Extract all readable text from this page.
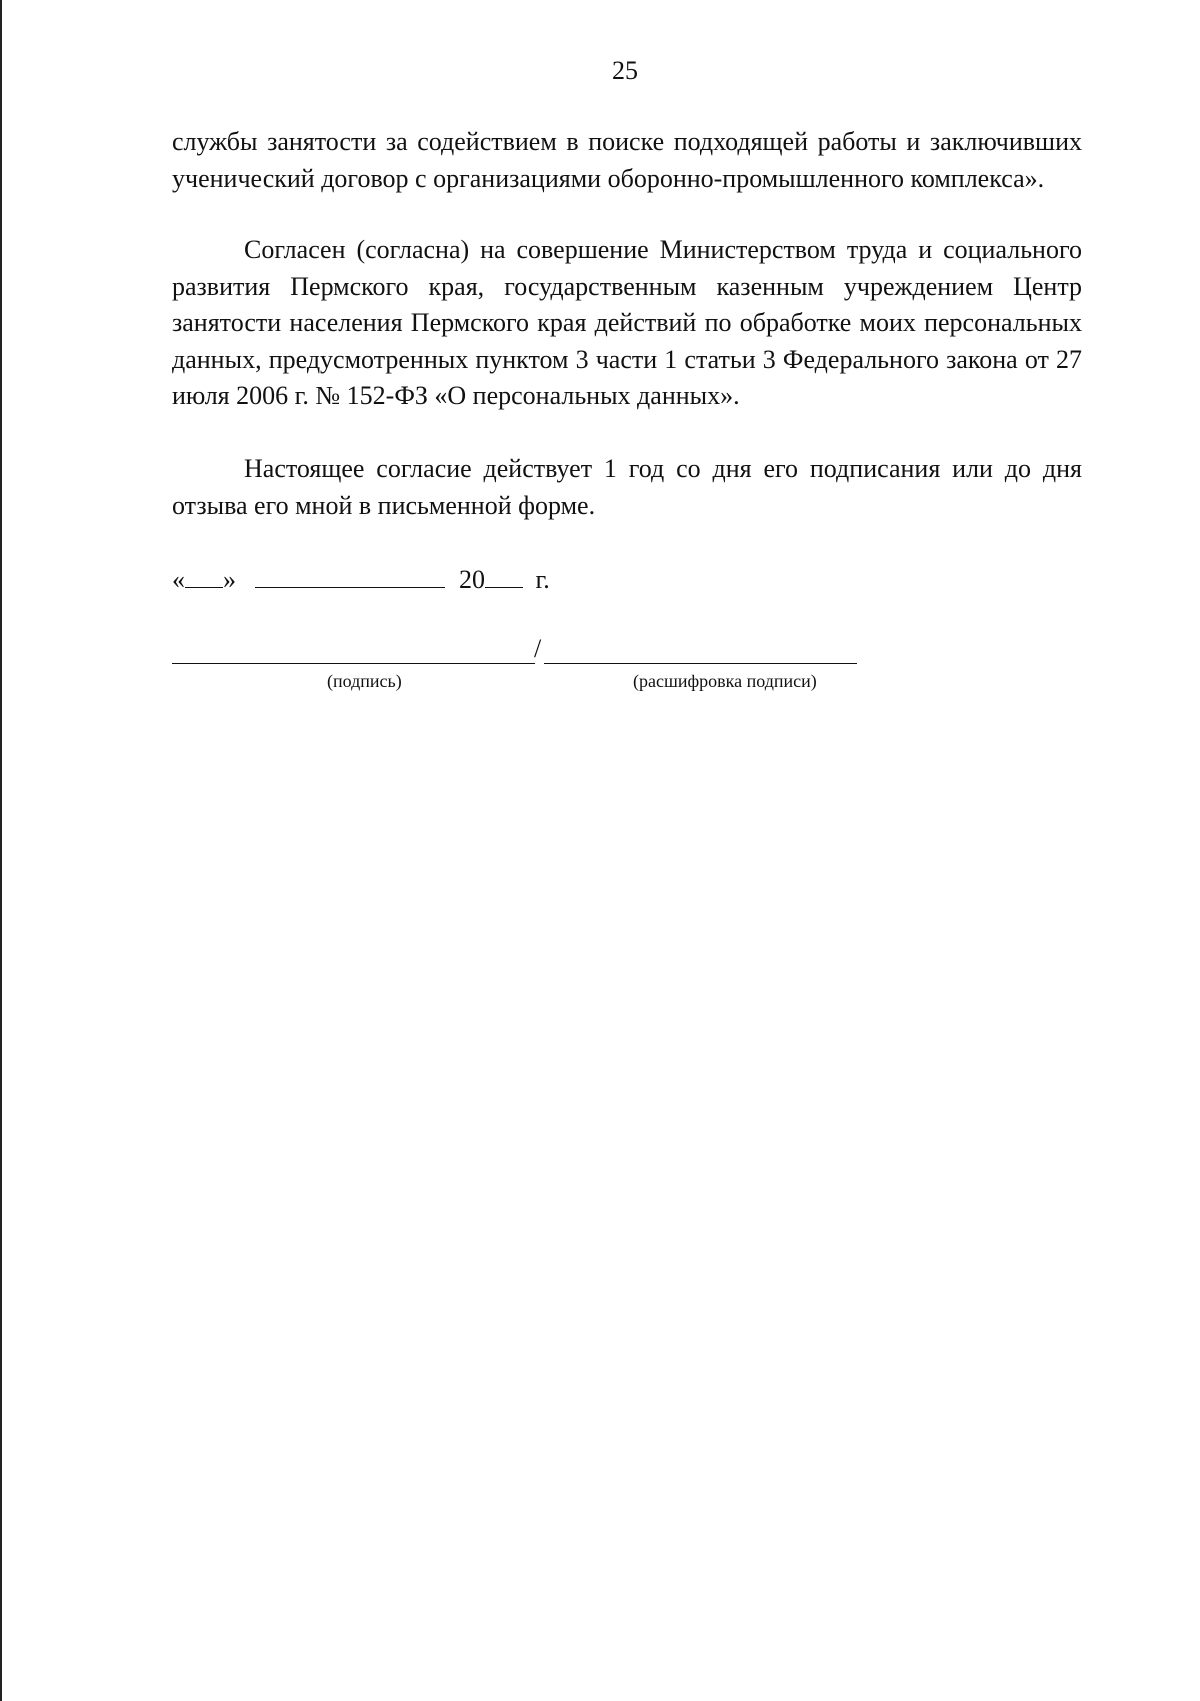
25

службы занятости за содействием в поиске подходящей работы и заключивших ученический договор с организациями оборонно-промышленного комплекса».

Согласен (согласна) на совершение Министерством труда и социального развития Пермского края, государственным казенным учреждением Центр занятости населения Пермского края действий по обработке моих персональных данных, предусмотренных пунктом 3 части 1 статьи 3 Федерального закона от 27 июля 2006 г. № 152-ФЗ «О персональных данных».

Настоящее согласие действует 1 год со дня его подписания или до дня отзыва его мной в письменной форме.

« »	20 г.
/
(подпись)	(расшифровка подписи)
